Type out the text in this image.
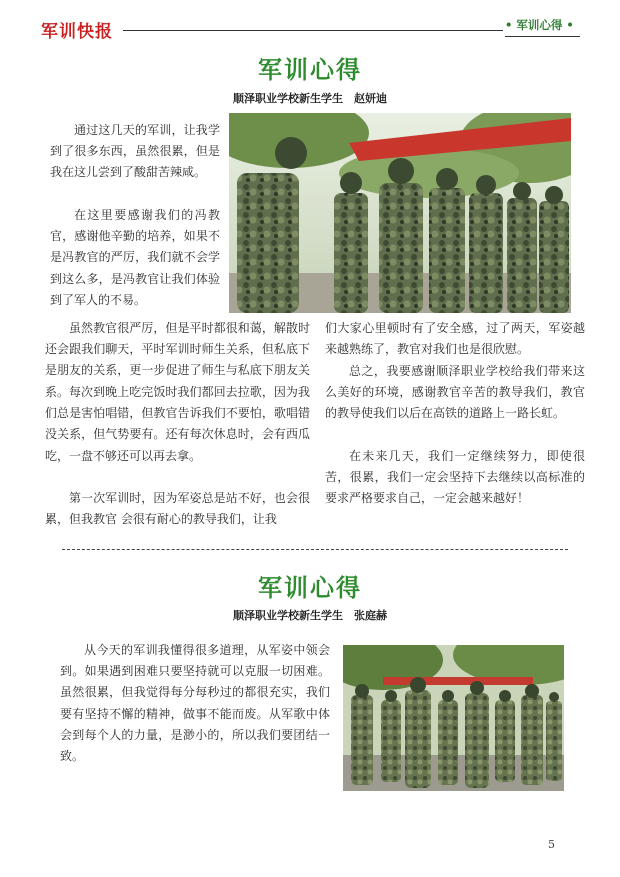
军训快报	• 军训心得 •
军训心得
顺泽职业学校新生学生　赵妍迪
通过这几天的军训，让我学到了很多东西，虽然很累，但是我在这儿尝到了酸甜苦辣咸。
在这里要感谢我们的冯教官，感谢他辛勤的培养，如果不是冯教官的严厉，我们就不会学到这么多，是冯教官让我们体验到了军人的不易。
虽然教官很严厉，但是平时都很和蔼，解散时还会跟我们聊天，平时军训时师生关系，但私底下是朋友的关系，更一步促进了师生与私底下朋友关系。 每次到晚上吃完饭时我们都回去拉歌，因为我们总是害怕唱错，但教官告诉我们不要怕，歌唱错没关系，但气势要有。还有每次休息时，会有西瓜吃，一盘不够还可以再去拿。
第一次军训时，因为军姿总是站不好，也会很累，但我教官 会很有耐心的教导我们，让我
们大家心里顿时有了安全感，过了两天，军姿越来越熟练了，教官对我们也是很欣慰。
总之，我要感谢顺泽职业学校给我们带来这么美好的环境，感谢教官辛苦的教导我们，教官的教导使我们以后在高铁的道路上一路长虹。
在未来几天，我们一定继续努力，即使很苦，很累，我们一定会坚持下去继续以高标准的要求严格要求自己，一定会越来越好！
军训心得
顺泽职业学校新生学生　张庭赫
从今天的军训我懂得很多道理，从军姿中领会到。如果遇到困难只要坚持就可以克服一切困难。虽然很累，但我觉得每分每秒过的都很充实，我们要有坚持不懈的精神，做事不能而废。从军歌中体会到每个人的力量，是渺小的，所以我们要团结一致。
5
